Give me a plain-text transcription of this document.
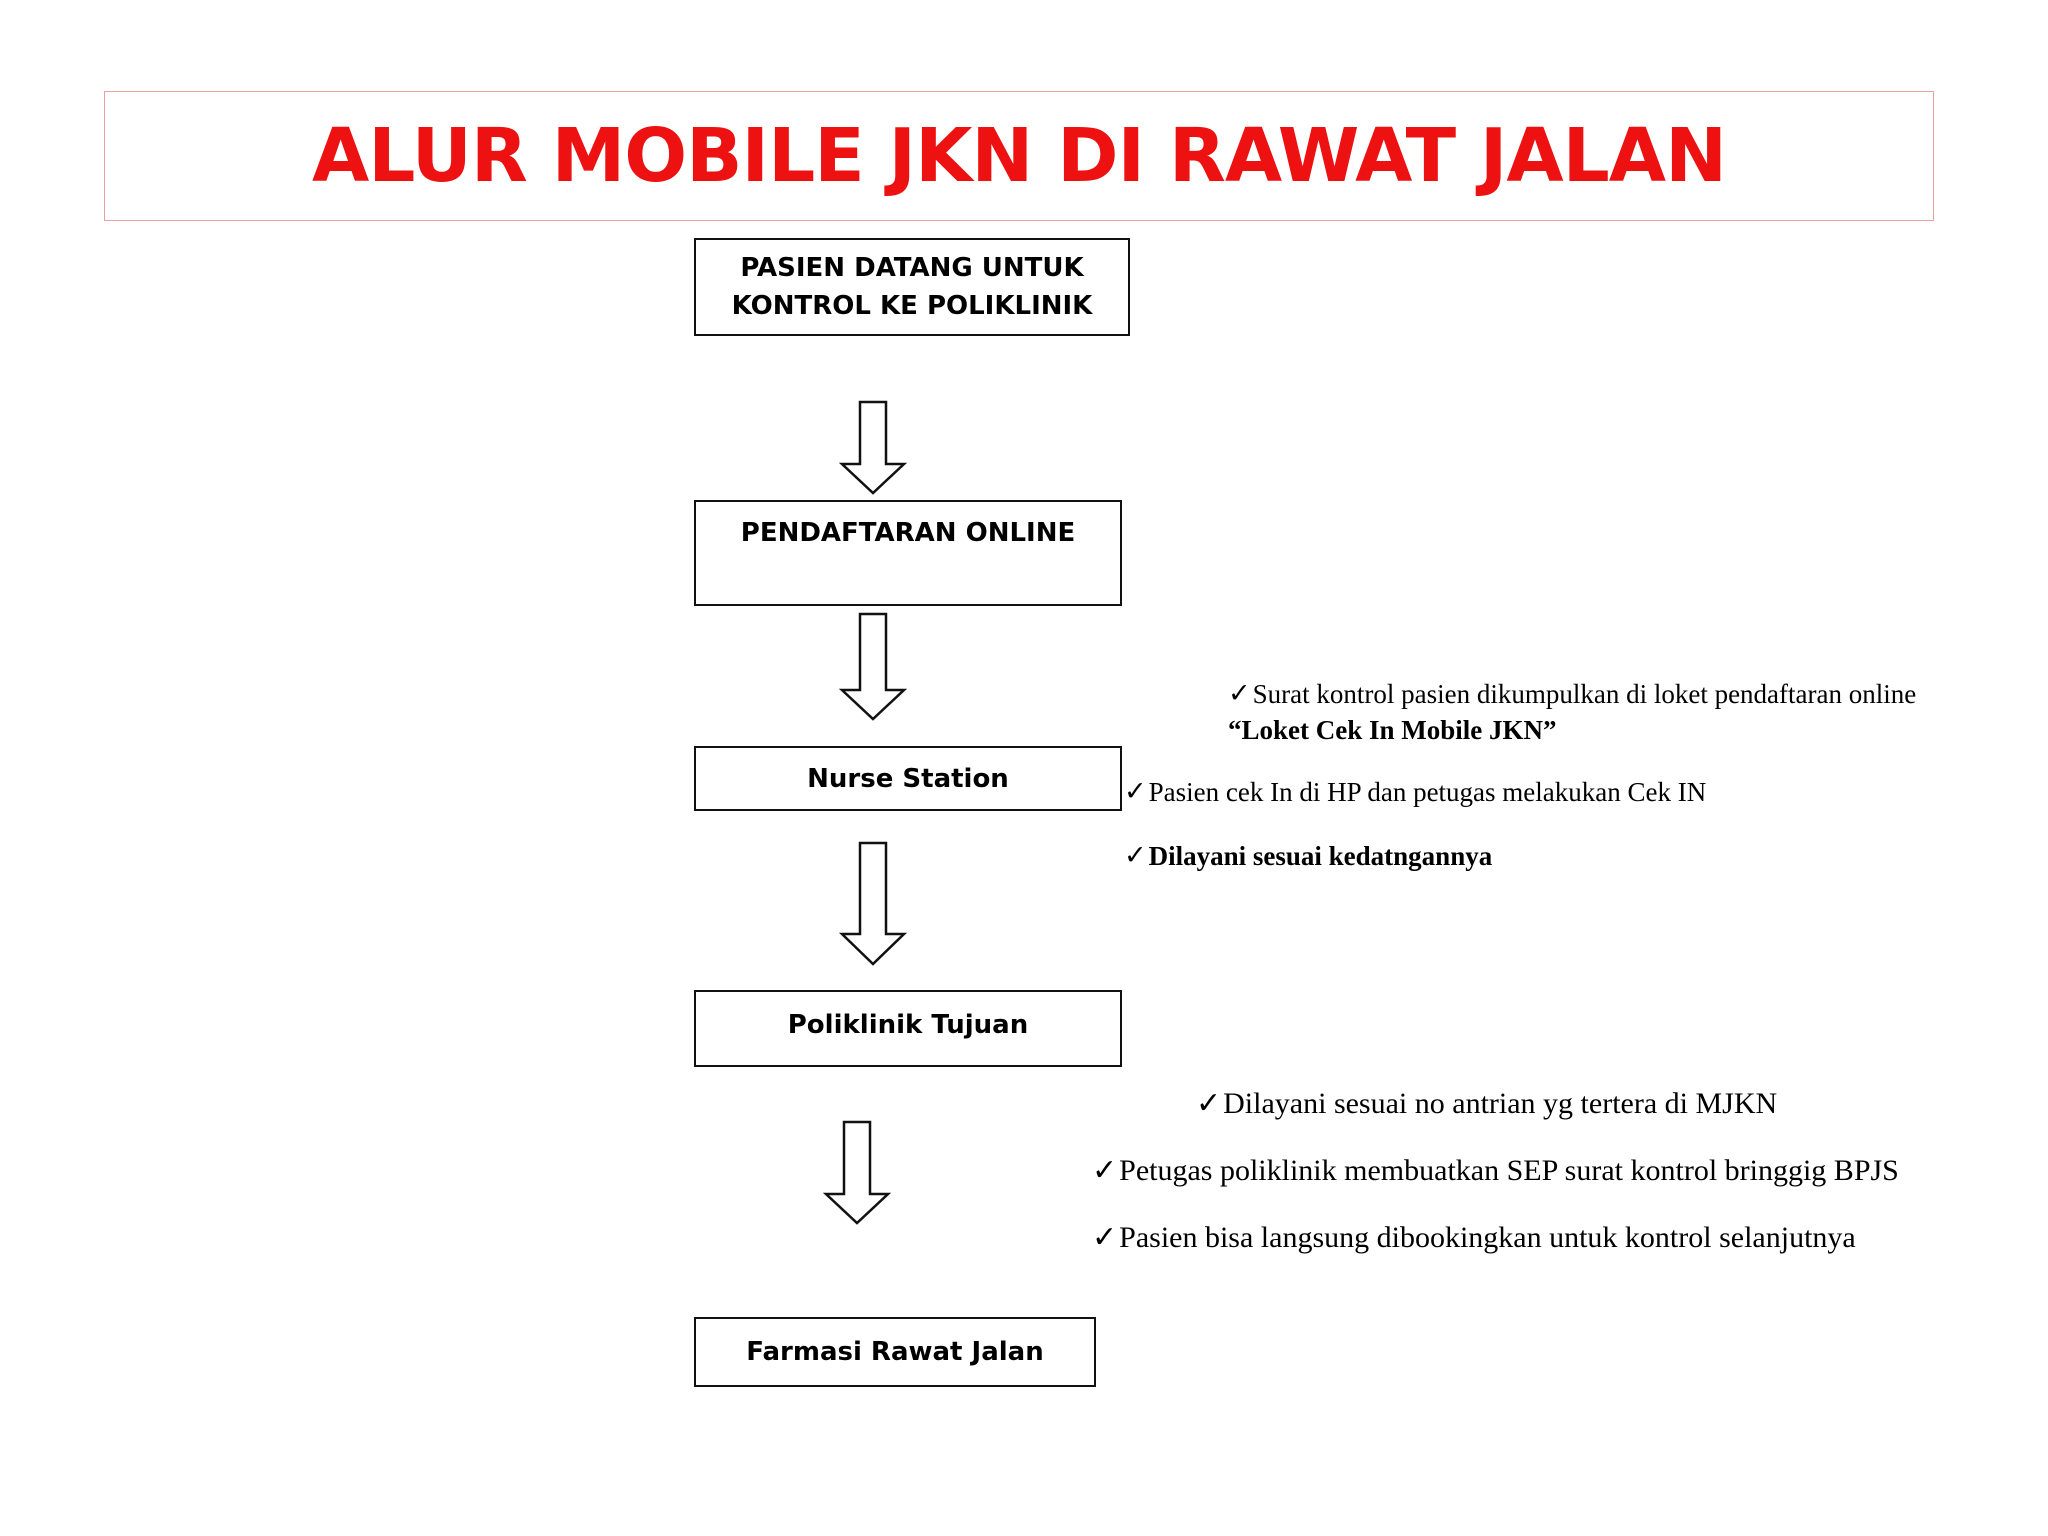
ALUR MOBILE JKN DI RAWAT JALAN
PASIEN DATANG UNTUK
KONTROL KE POLIKLINIK
PENDAFTARAN ONLINE
Nurse Station
Poliklinik Tujuan
Farmasi Rawat Jalan
✓Surat kontrol pasien dikumpulkan di loket pendaftaran online
“Loket Cek In Mobile JKN”
✓Pasien cek In di HP dan petugas melakukan Cek IN
✓Dilayani sesuai kedatngannya
✓Dilayani sesuai no antrian yg tertera di MJKN
✓Petugas poliklinik membuatkan SEP surat kontrol bringgig BPJS
✓Pasien bisa langsung dibookingkan untuk kontrol selanjutnya
